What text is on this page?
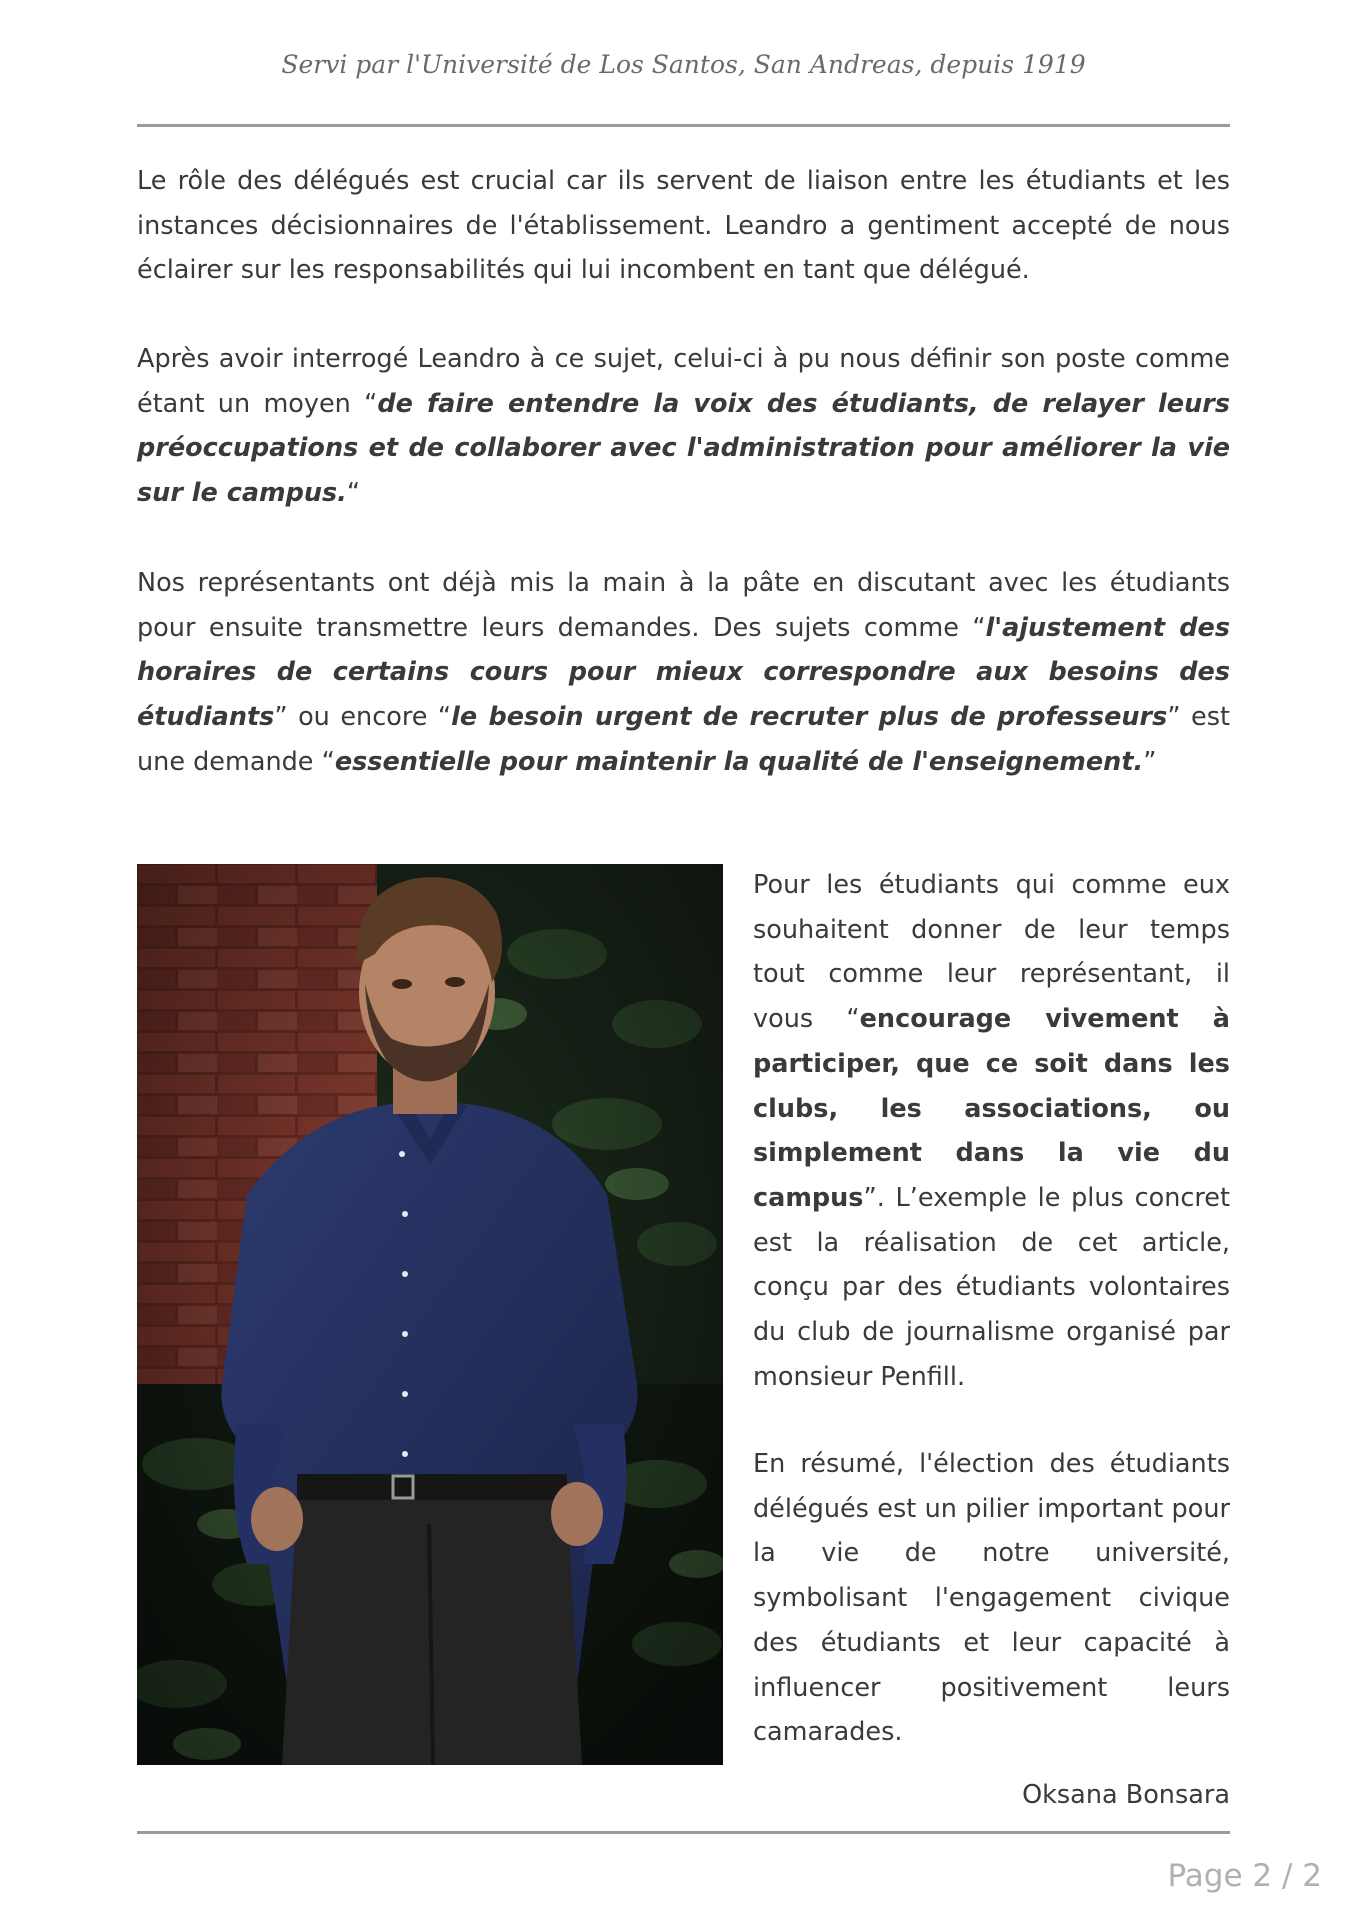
Servi par l'Université de Los Santos, San Andreas, depuis 1919

Le rôle des délégués est crucial car ils servent de liaison entre les étudiants et les instances décisionnaires de l'établissement. Leandro a gentiment accepté de nous éclairer sur les responsabilités qui lui incombent en tant que délégué.

Après avoir interrogé Leandro à ce sujet, celui-ci à pu nous définir son poste comme étant un moyen “de faire entendre la voix des étudiants, de relayer leurs préoccupations et de collaborer avec l'administration pour améliorer la vie sur le campus.“

Nos représentants ont déjà mis la main à la pâte en discutant avec les étudiants pour ensuite transmettre leurs demandes. Des sujets comme “l'ajustement des horaires de certains cours pour mieux correspondre aux besoins des étudiants” ou encore “le besoin urgent de recruter plus de professeurs” est une demande “essentielle pour maintenir la qualité de l'enseignement.”

Pour les étudiants qui comme eux souhaitent donner de leur temps tout comme leur représentant, il vous “encourage vivement à participer, que ce soit dans les clubs, les associations, ou simplement dans la vie du campus”. L’exemple le plus concret est la réalisation de cet article, conçu par des étudiants volontaires du club de journalisme organisé par monsieur Penfill.

En résumé, l'élection des étudiants délégués est un pilier important pour la vie de notre université, symbolisant l'engagement civique des étudiants et leur capacité à influencer positivement leurs camarades.

Oksana Bonsara
Page 2 / 2
